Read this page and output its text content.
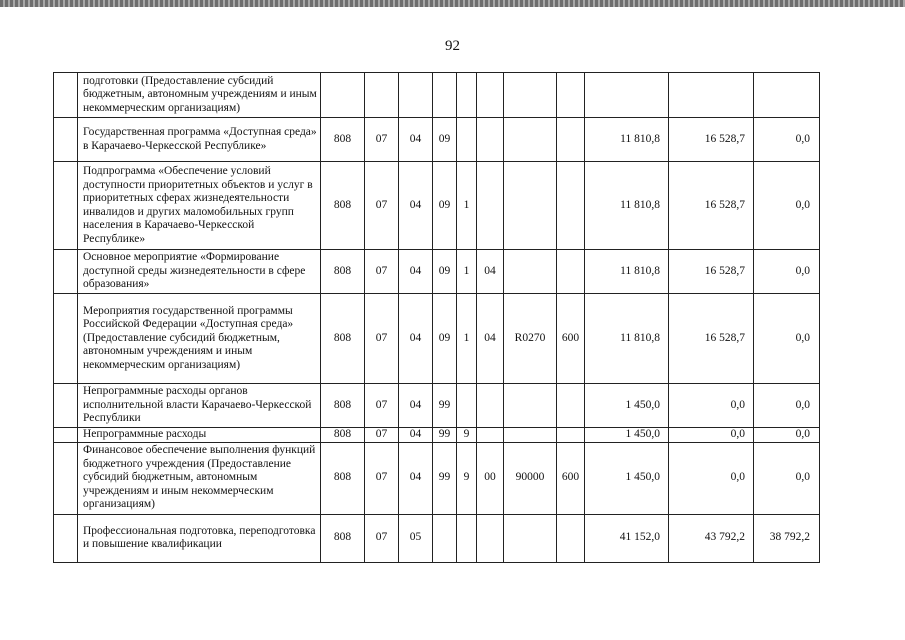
92
	подготовки (Предоставление субсидий бюджетным, автономным учреждениям и иным некоммерческим организациям)											
	Государственная программа «Доступная среда» в Карачаево-Черкесской Республике»	808	07	04	09					11 810,8	16 528,7	0,0
	Подпрограмма «Обеспечение условий доступности приоритетных объектов и услуг в приоритетных сферах жизнедеятельности инвалидов и других маломобильных групп населения в Карачаево-Черкесской Республике»	808	07	04	09	1				11 810,8	16 528,7	0,0
	Основное мероприятие «Формирование доступной среды жизнедеятельности в сфере образования»	808	07	04	09	1	04			11 810,8	16 528,7	0,0
	Мероприятия государственной программы Российской Федерации «Доступная среда» (Предоставление субсидий бюджетным, автономным учреждениям и иным некоммерческим организациям)	808	07	04	09	1	04	R0270	600	11 810,8	16 528,7	0,0
	Непрограммные расходы органов исполнительной власти Карачаево-Черкесской Республики	808	07	04	99					1 450,0	0,0	0,0
	Непрограммные расходы	808	07	04	99	9				1 450,0	0,0	0,0
	Финансовое обеспечение выполнения функций бюджетного учреждения (Предоставление субсидий бюджетным, автономным учреждениям и иным некоммерческим организациям)	808	07	04	99	9	00	90000	600	1 450,0	0,0	0,0
	Профессиональная подготовка, переподготовка и повышение квалификации	808	07	05						41 152,0	43 792,2	38 792,2
